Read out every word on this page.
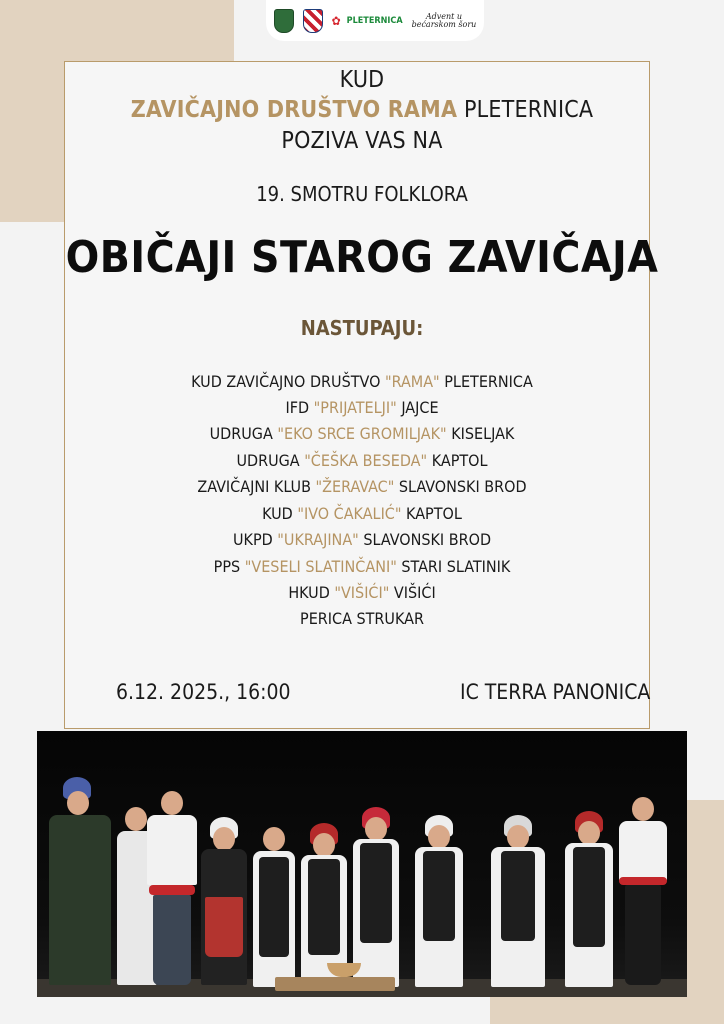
✿ PLETERNICA	Advent u
bećarskom šoru
KUD
ZAVIČAJNO DRUŠTVO RAMA PLETERNICA
POZIVA VAS NA
19. SMOTRU FOLKLORA
OBIČAJI STAROG ZAVIČAJA
NASTUPAJU:
KUD ZAVIČAJNO DRUŠTVO "RAMA" PLETERNICA
IFD "PRIJATELJI" JAJCE
UDRUGA "EKO SRCE GROMILJAK" KISELJAK
UDRUGA "ČEŠKA BESEDA" KAPTOL
ZAVIČAJNI KLUB "ŽERAVAC" SLAVONSKI BROD
KUD "IVO ČAKALIĆ" KAPTOL
UKPD "UKRAJINA" SLAVONSKI BROD
PPS "VESELI SLATINČANI" STARI SLATINIK
HKUD "VIŠIĆI" VIŠIĆI
PERICA STRUKAR
6.12. 2025., 16:00	IC TERRA PANONICA
